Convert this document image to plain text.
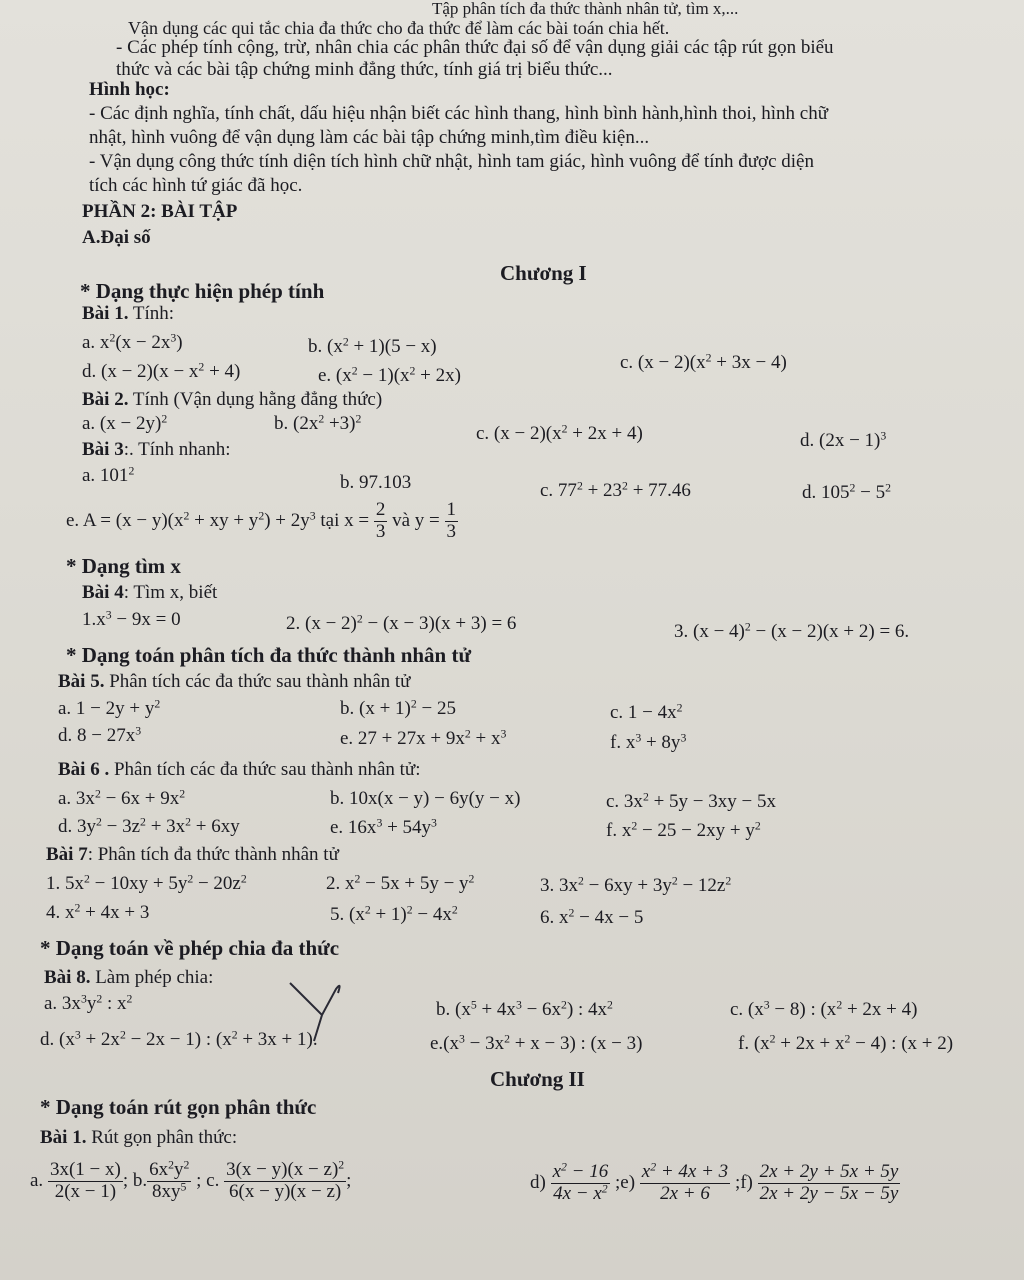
Tập phân tích đa thức thành nhân tử, tìm x,...
Vận dụng các qui tắc chia đa thức cho đa thức để làm các bài toán chia hết.
- Các phép tính cộng, trừ, nhân chia các phân thức đại số để vận dụng giải các tập rút gọn biểu
thức và các bài tập chứng minh đẳng thức, tính giá trị biểu thức...
Hình học:
- Các định nghĩa, tính chất, dấu hiệu nhận biết các hình thang, hình bình hành,hình thoi, hình chữ
nhật, hình vuông để vận dụng làm các bài tập chứng minh,tìm điều kiện...
- Vận dụng công thức tính diện tích hình chữ nhật, hình tam giác, hình vuông để tính được diện
tích các hình tứ giác đã học.
PHẦN 2: BÀI TẬP
A.Đại số
Chương I
* Dạng thực hiện phép tính
Bài 1. Tính:
a. $x^2(x - 2x^3)$	b. $(x^2 + 1)(5 - x)$
c. $(x - 2)(x^2 + 3x - 4)$
d. $(x - 2)(x - x^2 + 4)$	e. $(x^2 - 1)(x^2 + 2x)$
Bài 2. Tính (Vận dụng hằng đẳng thức)
a. $(x - 2y)^2$	b. $(2x^2 +3)^2$
c. $(x - 2)(x^2 + 2x + 4)$	d. $(2x - 1)^3$
Bài 3:. Tính nhanh:
a. $101^2$
b. 97.103	c. $77^2 + 23^2 + 77.46$	d. $105^2 - 5^2$
e. $A = (x - y)(x^2$ + xy + $y^2) + 2y^3$ tại $x = \frac{2}{3}$ và $y = \frac{1}{3}$
* Dạng tìm x
Bài 4: Tìm x, biết
$1.x^3 - 9x = 0$	2. $(x - 2)^2 - (x - 3)(x + 3) = 6$	3. $(x - 4)^2 - (x - 2)(x + 2) = 6$.
* Dạng toán phân tích đa thức thành nhân tử
Bài 5. Phân tích các đa thức sau thành nhân tử
a. $1 - 2y + y^2$	b. $(x + 1)^2 - 25$	c. $1 - 4x^2$
d. $8 - 27x^3$	e. $27 + 27x + 9x^2 + x^3$	f. $x^3 + 8y^3$
Bài 6 . Phân tích các đa thức sau thành nhân tử:
a. $3x^2 - 6x + 9x^2$	b. 10x(x − y) − 6y(y − x)	c. $3x^2 + 5y - 3xy - 5x$
d. $3y^2 - 3z^2 + 3x^2 + 6xy$	e. $16x^3 + 54y^3$	f. $x^2 - 25 - 2xy + y^2$
Bài 7: Phân tích đa thức thành nhân tử
1. $5x^2 - 10xy + 5y^2 - 20z^2$	2. $x^2 - 5x + 5y - y^2$	3. $3x^2 - 6xy + 3y^2 - 12z^2$
4. $x^2 + 4x + 3$	5. $(x^2 + 1)^2 - 4x^2$	6. $x^2 - 4x - 5$
* Dạng toán về phép chia đa thức
Bài 8. Làm phép chia:
a. $3x^3y^2$ : $x^2$	b. $(x^5 + 4x^3 - 6x^2)$ : $4x^2$	c. $(x^3 - 8)$ : $(x^2 + 2x + 4)$
d. $(x^3 + 2x^2 - 2x - 1)$ : $(x^2 + 3x + 1)$.	$e.(x^3 - 3x^2 + x - 3)$ : (x − 3)	f. $(x^2 + 2x + x^2 - 4)$ : (x + 2)
Chương II
* Dạng toán rút gọn phân thức
Bài 1. Rút gọn phân thức:
a. $\frac{3x(1 - x)}{2(x - 1)}$ ; b. $\frac{6x^2y^2}{8xy^5}$ ; c. $\frac{3(x - y)(x - z)^2}{6(x - y)(x - z)}$ ;	$d) \frac{x^2 - 16}{4x - x^2}$ ;e) $\frac{x^2 + 4x + 3}{2x + 6}$ ;f) $\frac{2x + 2y + 5x + 5y}{2x + 2y - 5x - 5y}$
